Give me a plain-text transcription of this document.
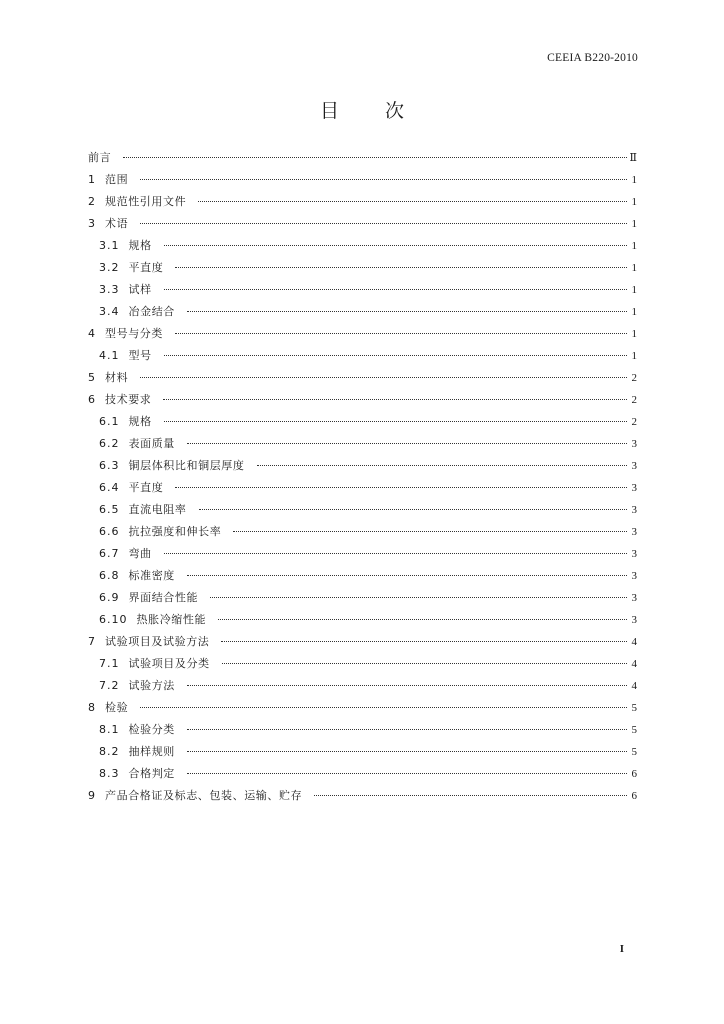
CEEIA B220-2010
目 次
前言	Ⅱ
1 范围	1
2 规范性引用文件	1
3 术语	1
3.1 规格	1
3.2 平直度	1
3.3 试样	1
3.4 冶金结合	1
4 型号与分类	1
4.1 型号	1
5 材料	2
6 技术要求	2
6.1 规格	2
6.2 表面质量	3
6.3 铜层体积比和铜层厚度	3
6.4 平直度	3
6.5 直流电阻率	3
6.6 抗拉强度和伸长率	3
6.7 弯曲	3
6.8 标准密度	3
6.9 界面结合性能	3
6.10 热胀冷缩性能	3
7 试验项目及试验方法	4
7.1 试验项目及分类	4
7.2 试验方法	4
8 检验	5
8.1 检验分类	5
8.2 抽样规则	5
8.3 合格判定	6
9 产品合格证及标志、包装、运输、贮存	6
I
